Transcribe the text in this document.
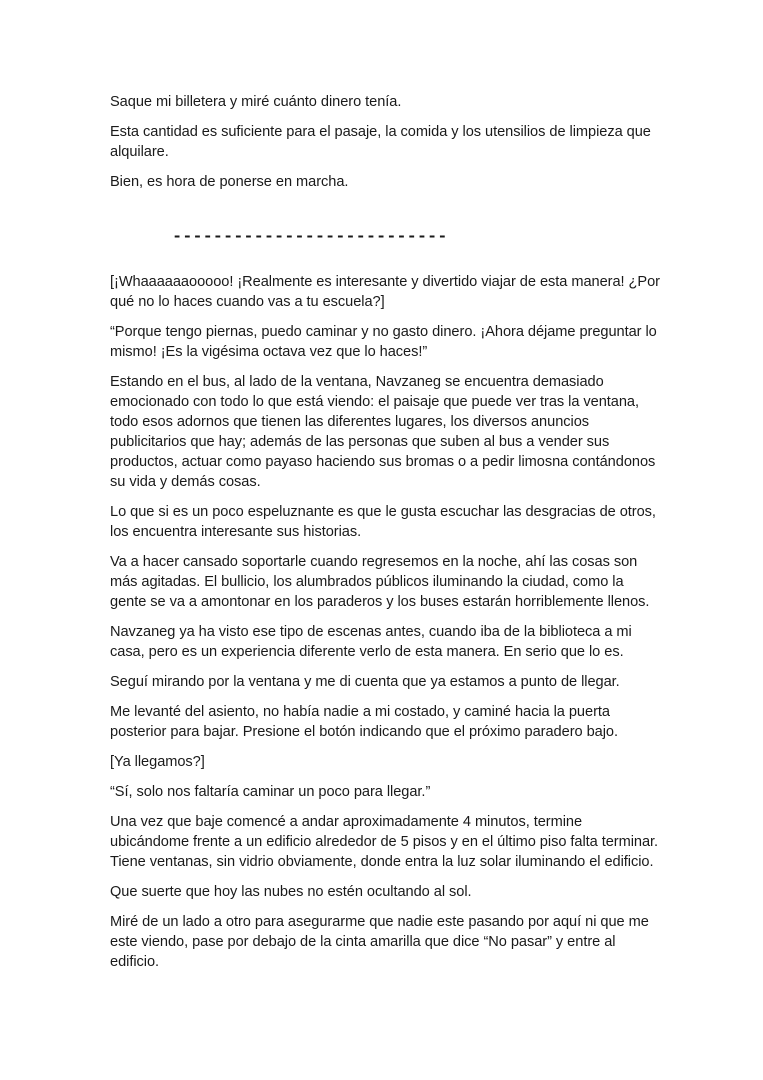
Saque mi billetera y miré cuánto dinero tenía.

Esta cantidad es suficiente para el pasaje, la comida y los utensilios de limpieza que alquilare.

Bien, es hora de ponerse en marcha.

---------------------------

[¡Whaaaaaaooooo! ¡Realmente es interesante y divertido viajar de esta manera! ¿Por qué no lo haces cuando vas a tu escuela?]

“Porque tengo piernas, puedo caminar y no gasto dinero. ¡Ahora déjame preguntar lo mismo! ¡Es la vigésima octava vez que lo haces!”

Estando en el bus, al lado de la ventana, Navzaneg se encuentra demasiado emocionado con todo lo que está viendo: el paisaje que puede ver tras la ventana, todo esos adornos que tienen las diferentes lugares, los diversos anuncios publicitarios que hay; además de las personas que suben al bus a vender sus productos, actuar como payaso haciendo sus bromas o a pedir limosna contándonos su vida y demás cosas.

Lo que si es un poco espeluznante es que le gusta escuchar las desgracias de otros, los encuentra interesante sus historias.

Va a hacer cansado soportarle cuando regresemos en la noche, ahí las cosas son más agitadas. El bullicio, los alumbrados públicos iluminando la ciudad, como la gente se va a amontonar en los paraderos y los buses estarán horriblemente llenos.

Navzaneg ya ha visto ese tipo de escenas antes, cuando iba de la biblioteca a mi casa, pero es un experiencia diferente verlo de esta manera. En serio que lo es.

Seguí mirando por la ventana y me di cuenta que ya estamos a punto de llegar.

Me levanté del asiento, no había nadie a mi costado, y caminé hacia la puerta posterior para bajar. Presione el botón indicando que el próximo paradero bajo.

[Ya llegamos?]

“Sí, solo nos faltaría caminar un poco para llegar.”

Una vez que baje comencé a andar aproximadamente 4 minutos, termine ubicándome frente a un edificio alrededor de 5 pisos y en el último piso falta terminar. Tiene ventanas, sin vidrio obviamente, donde entra la luz solar iluminando el edificio.

Que suerte que hoy las nubes no estén ocultando al sol.

Miré de un lado a otro para asegurarme que nadie este pasando por aquí ni que me este viendo, pase por debajo de la cinta amarilla que dice “No pasar” y entre al edificio.
